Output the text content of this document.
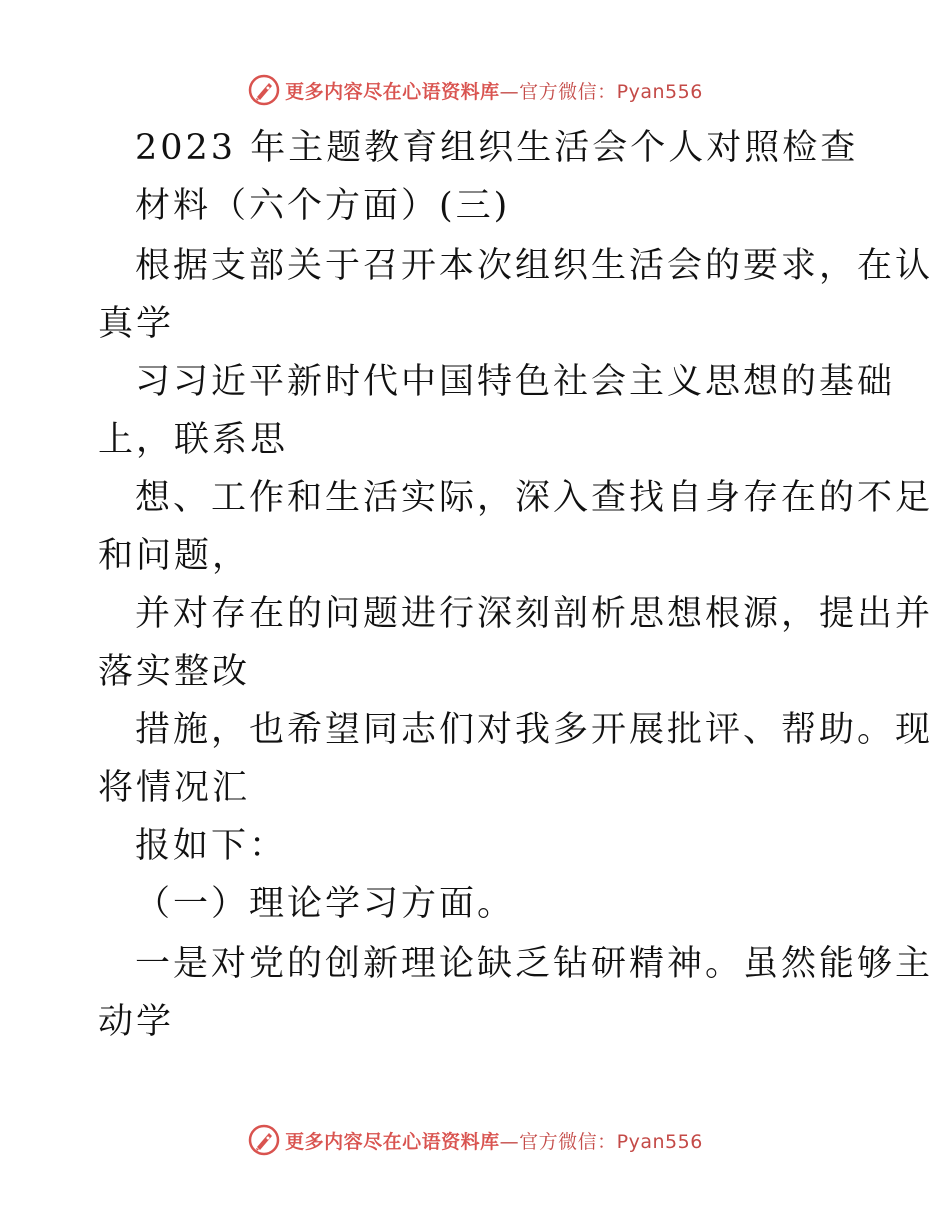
更多内容尽在心语资料库—官方微信：Pyan556
2023 年主题教育组织生活会个人对照检查
材料（六个方面）(三)
根据支部关于召开本次组织生活会的要求，在认
真学
习习近平新时代中国特色社会主义思想的基础
上，联系思
想、工作和生活实际，深入查找自身存在的不足
和问题，
并对存在的问题进行深刻剖析思想根源，提出并
落实整改
措施，也希望同志们对我多开展批评、帮助。现
将情况汇
报如下：
（一）理论学习方面。
一是对党的创新理论缺乏钻研精神。虽然能够主
动学
更多内容尽在心语资料库—官方微信：Pyan556
